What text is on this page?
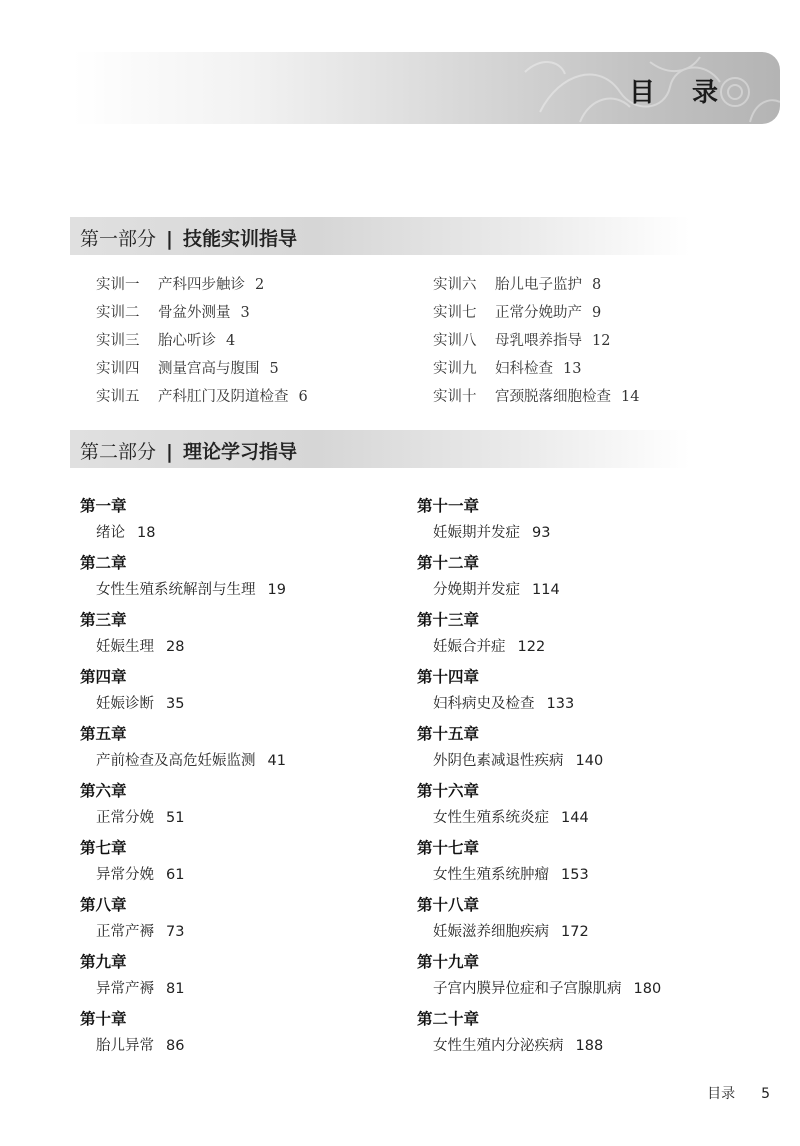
目 录
第一部分 | 技能实训指导
实训一 产科四步触诊 2
实训二 骨盆外测量 3
实训三 胎心听诊 4
实训四 测量宫高与腹围 5
实训五 产科肛门及阴道检查 6
实训六 胎儿电子监护 8
实训七 正常分娩助产 9
实训八 母乳喂养指导 12
实训九 妇科检查 13
实训十 宫颈脱落细胞检查 14
第二部分 | 理论学习指导
第一章
绪论 18
第二章
女性生殖系统解剖与生理 19
第三章
妊娠生理 28
第四章
妊娠诊断 35
第五章
产前检查及高危妊娠监测 41
第六章
正常分娩 51
第七章
异常分娩 61
第八章
正常产褥 73
第九章
异常产褥 81
第十章
胎儿异常 86
第十一章
妊娠期并发症 93
第十二章
分娩期并发症 114
第十三章
妊娠合并症 122
第十四章
妇科病史及检查 133
第十五章
外阴色素减退性疾病 140
第十六章
女性生殖系统炎症 144
第十七章
女性生殖系统肿瘤 153
第十八章
妊娠滋养细胞疾病 172
第十九章
子宫内膜异位症和子宫腺肌病 180
第二十章
女性生殖内分泌疾病 188
目录 5
